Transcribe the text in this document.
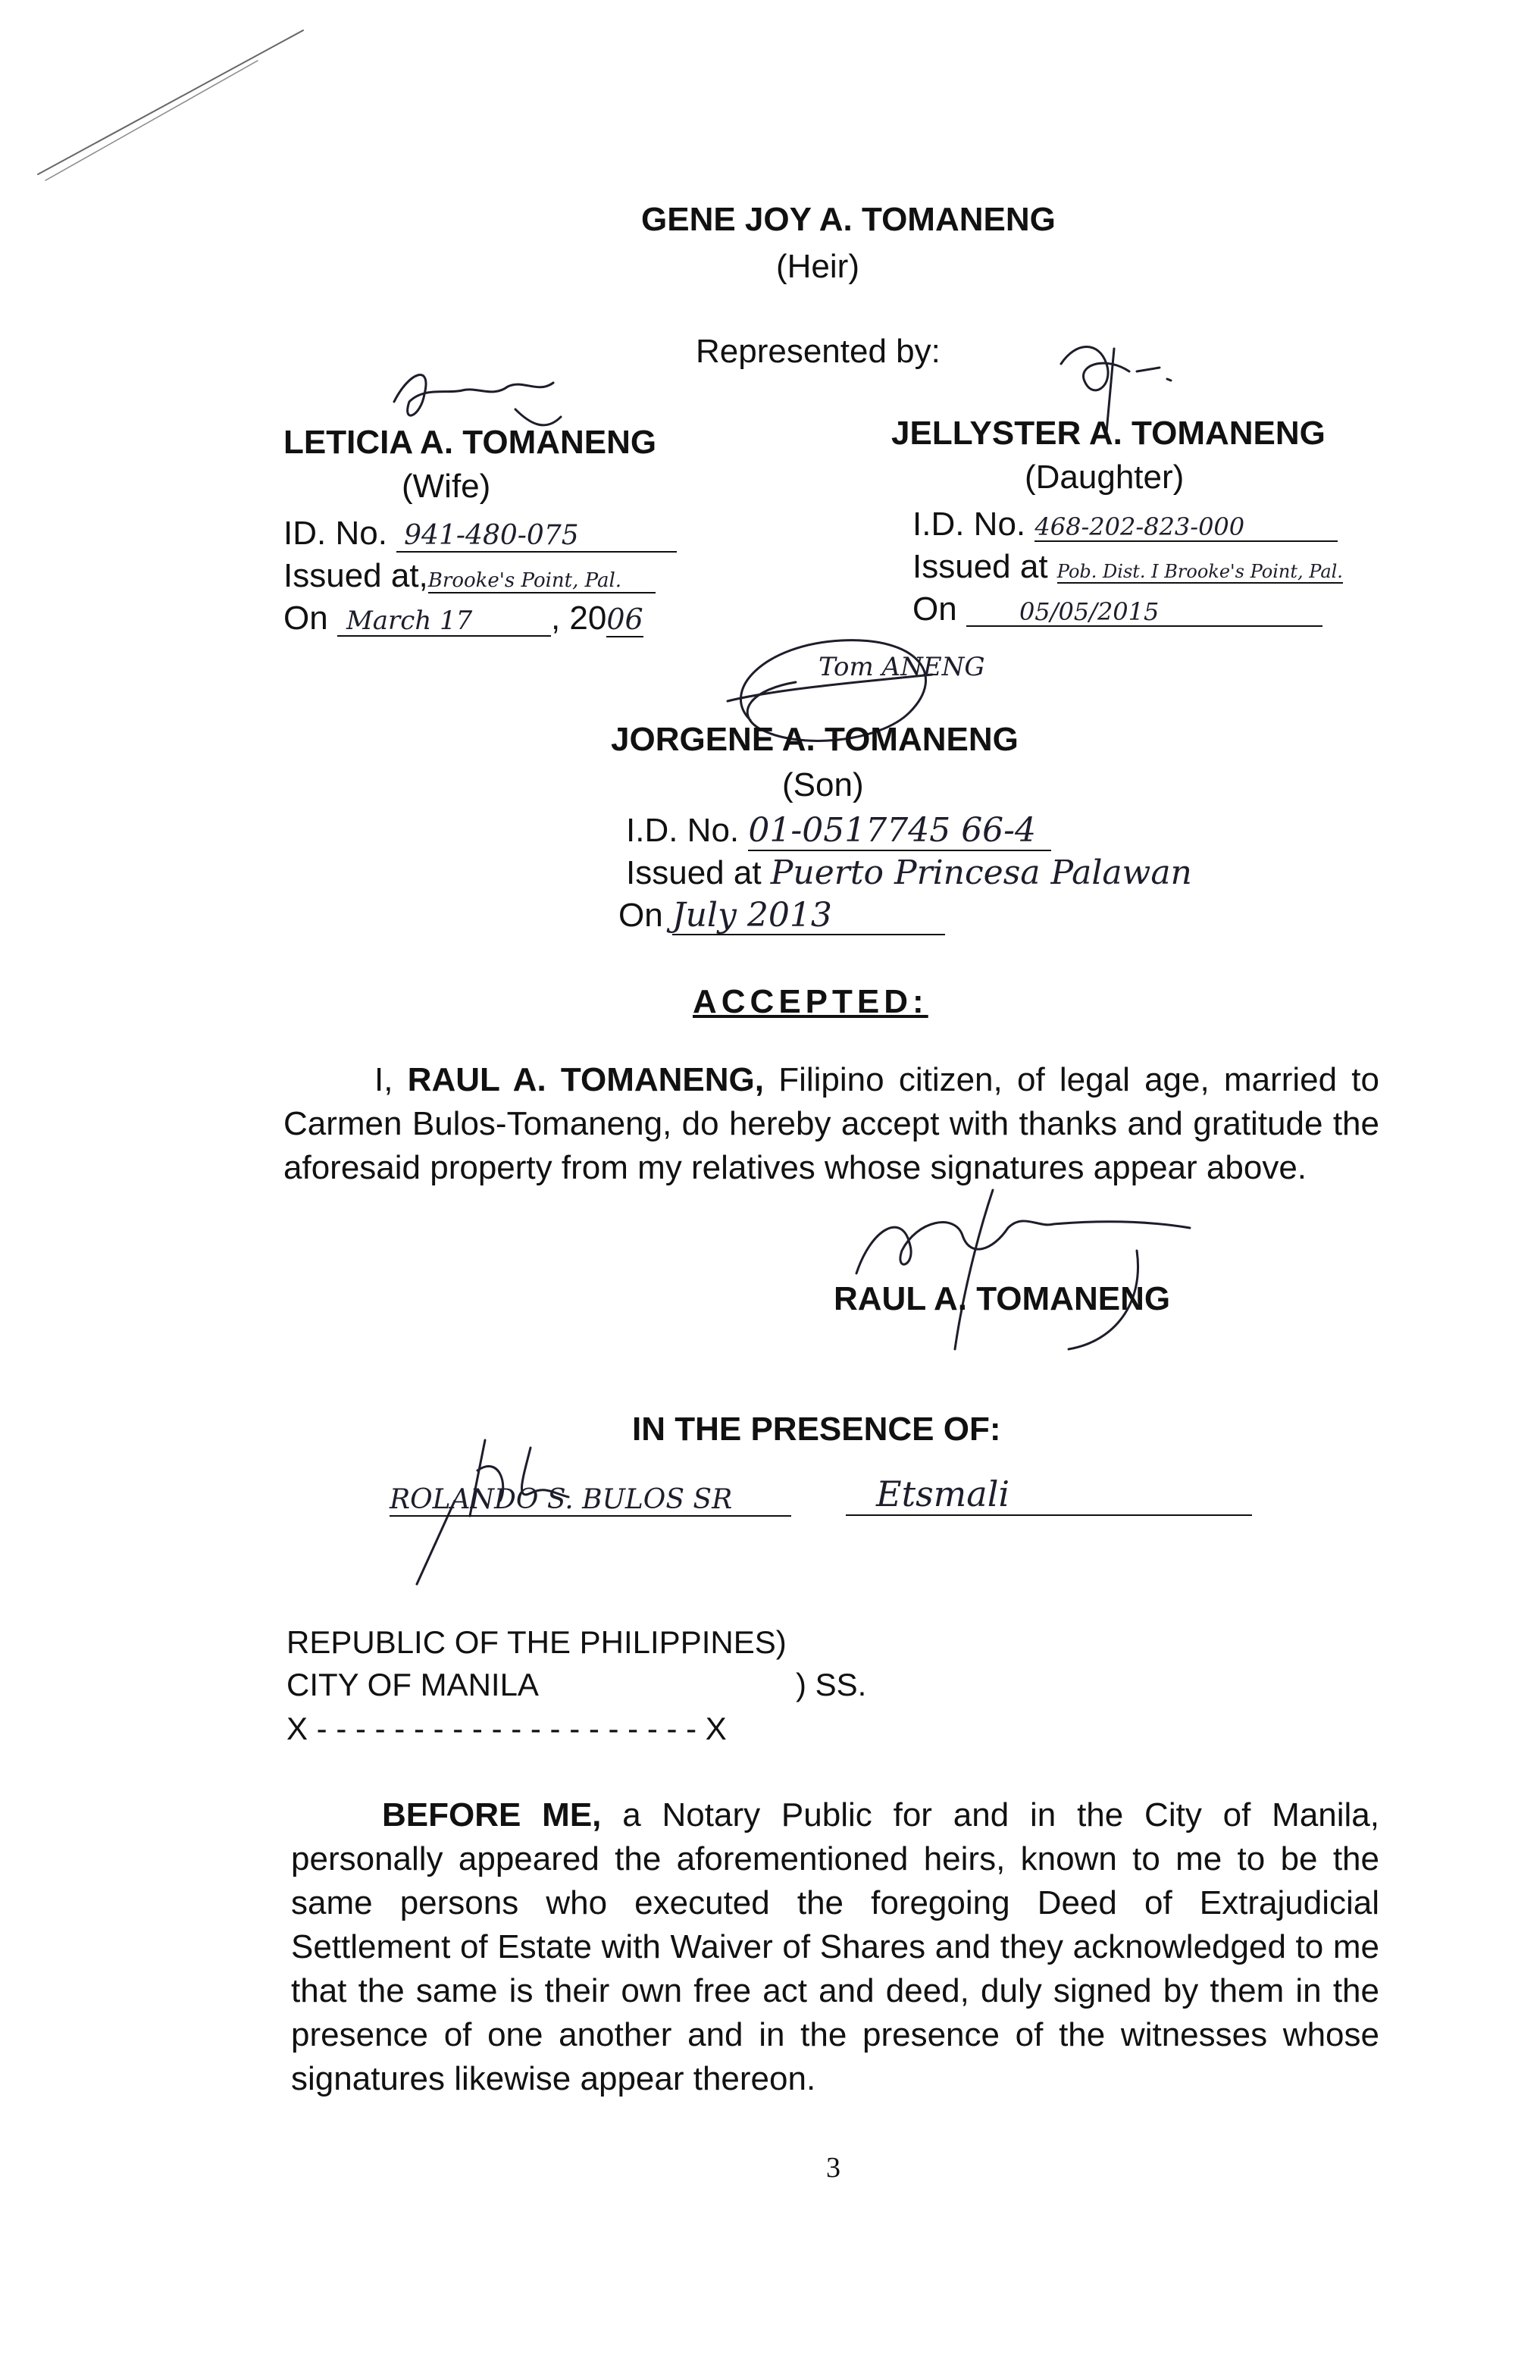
GENE JOY A. TOMANENG
(Heir)
Represented by:
LETICIA A. TOMANENG
(Wife)
ID. No. 941-480-075
Issued at,Brooke's Point, Pal.
On March 17 , 2006
JELLYSTER A. TOMANENG
(Daughter)
I.D. No. 468-202-823-000
Issued at Pob. Dist. I Brooke's Point, Pal.
On	05/05/2015
Tom ANENG
JORGENE A. TOMANENG
(Son)
I.D. No. 01-0517745 66-4
Issued at Puerto Princesa Palawan
On July 2013
ACCEPTED:
I, RAUL A. TOMANENG, Filipino citizen, of legal age, married to Carmen Bulos-Tomaneng, do hereby accept with thanks and gratitude the aforesaid property from my relatives whose signatures appear above.
RAUL A. TOMANENG
IN THE PRESENCE OF:
ROLANDO S. BULOS SR	Etsmali
REPUBLIC OF THE PHILIPPINES)
CITY OF MANILA	) SS.
X - - - - - - - - - - - - - - - - - - - - X
BEFORE ME, a Notary Public for and in the City of Manila, personally appeared the aforementioned heirs, known to me to be the same persons who executed the foregoing Deed of Extrajudicial Settlement of Estate with Waiver of Shares and they acknowledged to me that the same is their own free act and deed, duly signed by them in the presence of one another and in the presence of the witnesses whose signatures likewise appear thereon.
3
